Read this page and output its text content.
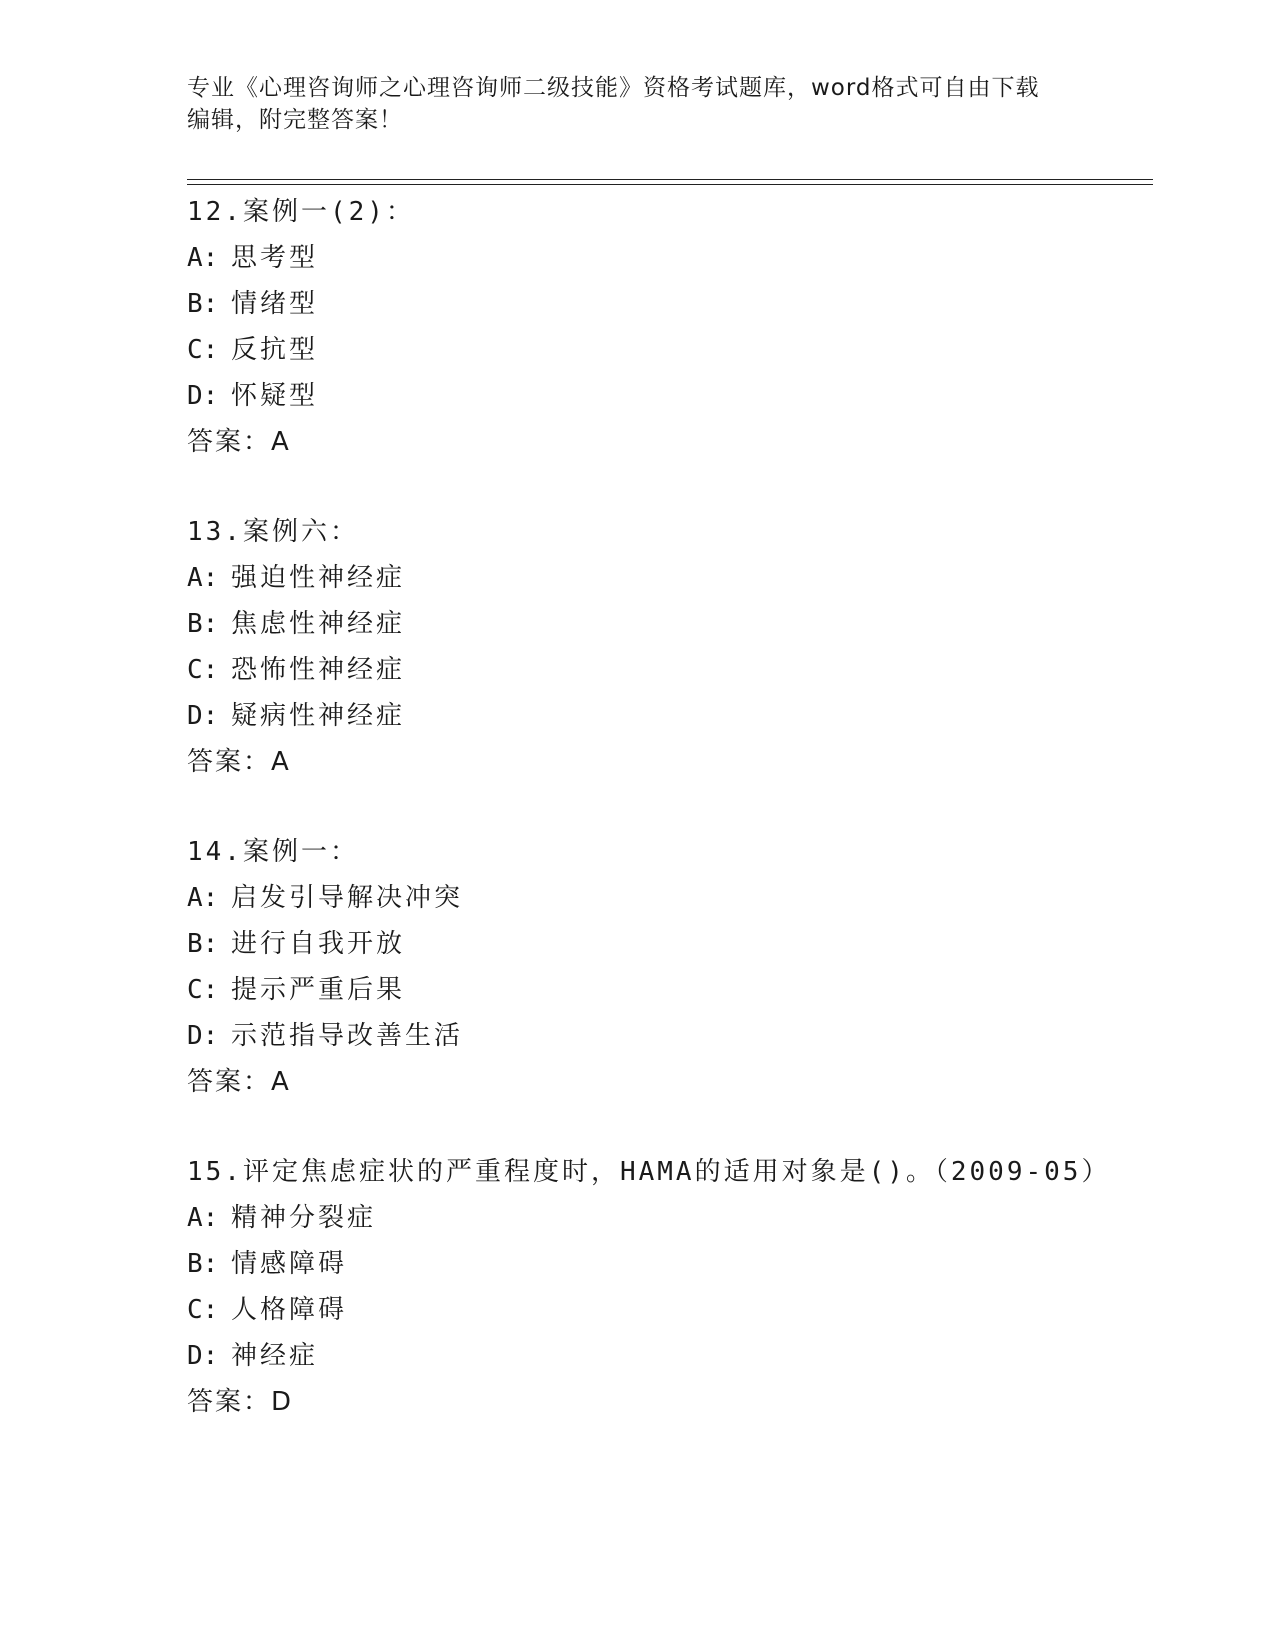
专业《心理咨询师之心理咨询师二级技能》资格考试题库，word格式可自由下载
编辑，附完整答案！
12.案例一(2)：
A: 思考型
B: 情绪型
C: 反抗型
D: 怀疑型
答案：A
13.案例六：
A: 强迫性神经症
B: 焦虑性神经症
C: 恐怖性神经症
D: 疑病性神经症
答案：A
14.案例一：
A: 启发引导解决冲突
B: 进行自我开放
C: 提示严重后果
D: 示范指导改善生活
答案：A
15.评定焦虑症状的严重程度时，HAMA的适用对象是()。（2009-05）
A: 精神分裂症
B: 情感障碍
C: 人格障碍
D: 神经症
答案：D
